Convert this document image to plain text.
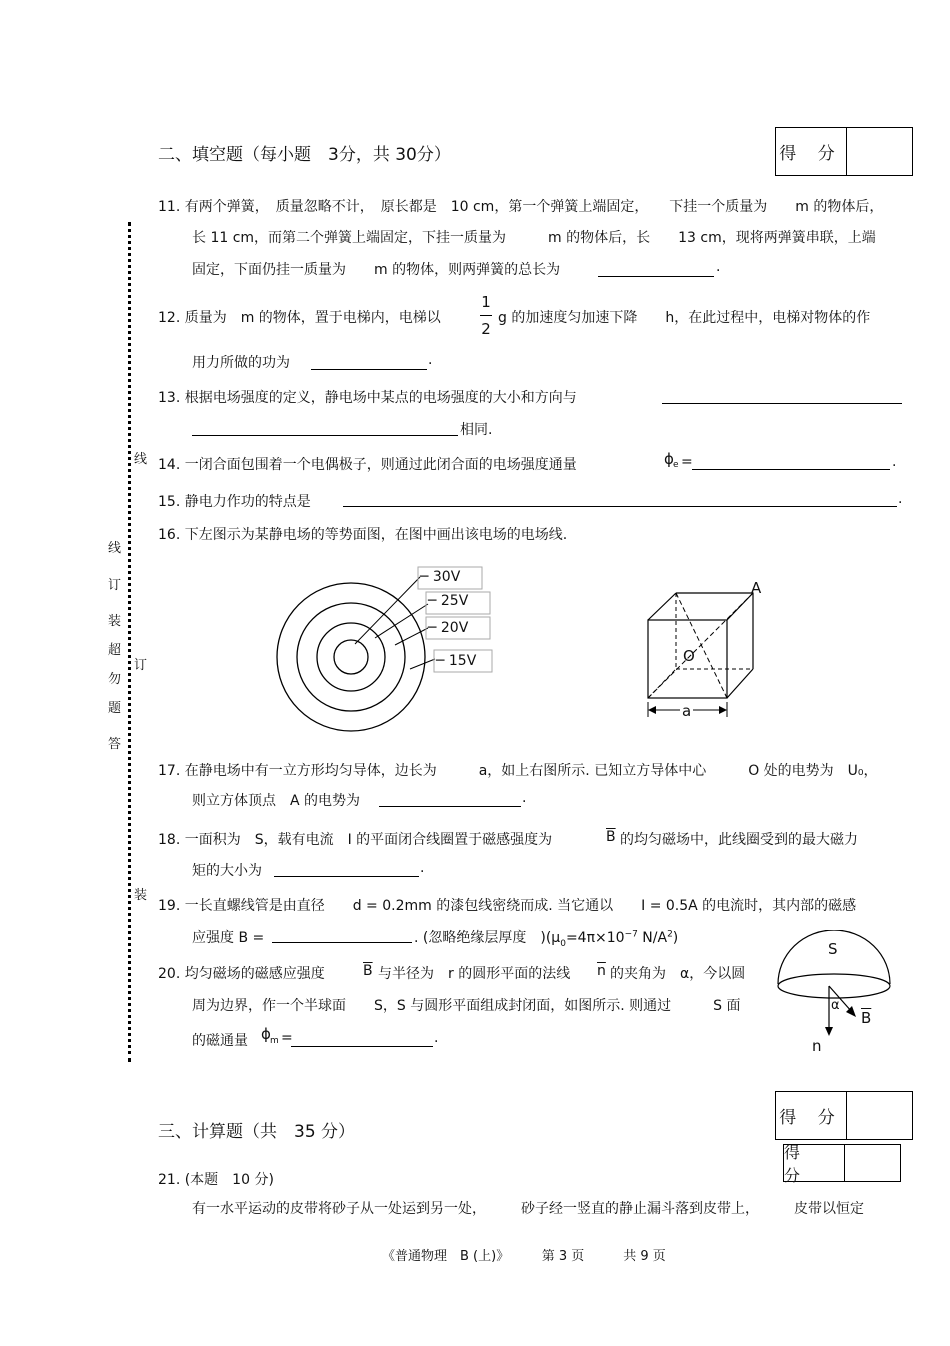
线
订
装
超
勿
题
答
线
订
装
二、填空题（每小题　3分，共 30分）	得 分
11. 有两个弹簧，　质量忽略不计，　原长都是　10 cm，第一个弹簧上端固定，　　下挂一个质量为　　m 的物体后，
长 11 cm，而第二个弹簧上端固定，下挂一质量为　　　m 的物体后，长　　13 cm，现将两弹簧串联，上端
固定，下面仍挂一质量为　　m 的物体，则两弹簧的总长为	.
12. 质量为　m 的物体，置于电梯内，电梯以
1
2
g 的加速度匀加速下降　　h，在此过程中，电梯对物体的作
用力所做的功为	.
13. 根据电场强度的定义，静电场中某点的电场强度的大小和方向与
相同.
14. 一闭合面包围着一个电偶极子，则通过此闭合面的电场强度通量	ϕ e =	.
15. 静电力作功的特点是	.
16. 下左图示为某静电场的等势面图，在图中画出该电场的电场线.
─ 30V
─ 25V
─ 20V
─ 15V
A
O
a
17. 在静电场中有一立方形均匀导体，边长为　　　a，如上右图所示. 已知立方导体中心　　　O 处的电势为　U₀，
则立方体顶点　A 的电势为	.
18. 一面积为　S，载有电流　I 的平面闭合线圈置于磁感强度为	$\overline{B}$ 的均匀磁场中，此线圈受到的最大磁力
矩的大小为	.
19. 一长直螺线管是由直径　　d = 0.2mm 的漆包线密绕而成. 当它通以　　I = 0.5A 的电流时，其内部的磁感
应强度 B =	. (忽略绝缘层厚度　)($\mu_0=4\pi\times 10^{-7}$ $N/A^2$)
20. 均匀磁场的磁感应强度	$\overline{B}$ 与半径为　r 的圆形平面的法线 $\overline{n}$ 的夹角为　α，今以圆
周为边界，作一个半球面　　S，S 与圆形平面组成封闭面，如图所示. 则通过　　　S 面
的磁通量 ϕ m =	.
S
α
$\overline{B}$
n
三、计算题（共　35 分）
得 分
得 分
21. (本题　10 分)
有一水平运动的皮带将砂子从一处运到另一处，　　　砂子经一竖直的静止漏斗落到皮带上，　　　皮带以恒定
《普通物理　B (上)》　　　第 3 页　　　共 9 页
